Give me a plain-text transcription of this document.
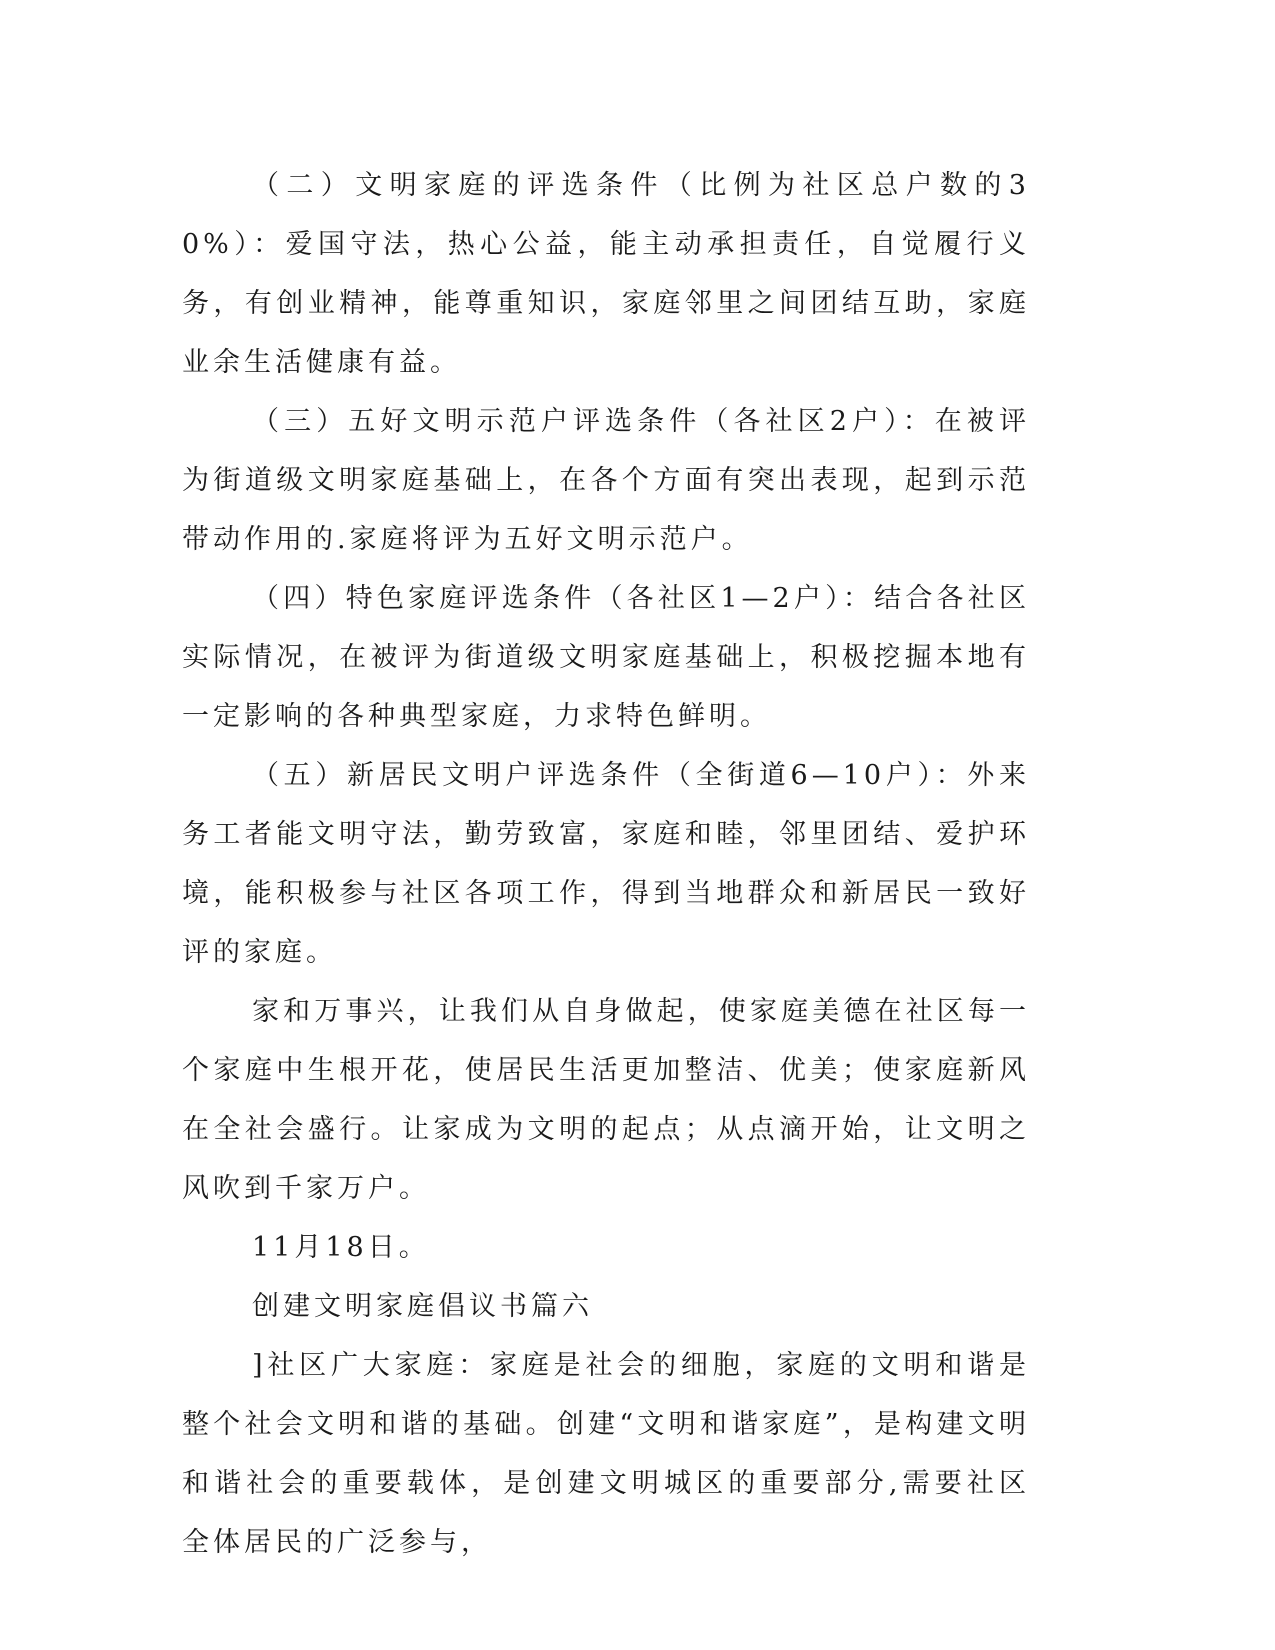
（二）文明家庭的评选条件（比例为社区总户数的30%）：爱国守法，热心公益，能主动承担责任，自觉履行义务，有创业精神，能尊重知识，家庭邻里之间团结互助，家庭业余生活健康有益。

（三）五好文明示范户评选条件（各社区2户）：在被评为街道级文明家庭基础上，在各个方面有突出表现，起到示范带动作用的.家庭将评为五好文明示范户。

（四）特色家庭评选条件（各社区1—2户）：结合各社区实际情况，在被评为街道级文明家庭基础上，积极挖掘本地有一定影响的各种典型家庭，力求特色鲜明。

（五）新居民文明户评选条件（全街道6—10户）：外来务工者能文明守法，勤劳致富，家庭和睦，邻里团结、爱护环境，能积极参与社区各项工作，得到当地群众和新居民一致好评的家庭。

家和万事兴，让我们从自身做起，使家庭美德在社区每一个家庭中生根开花，使居民生活更加整洁、优美；使家庭新风在全社会盛行。让家成为文明的起点；从点滴开始，让文明之风吹到千家万户。

11月18日。

创建文明家庭倡议书篇六

]社区广大家庭：家庭是社会的细胞，家庭的文明和谐是整个社会文明和谐的基础。创建“文明和谐家庭”，是构建文明和谐社会的重要载体，是创建文明城区的重要部分,需要社区全体居民的广泛参与，
